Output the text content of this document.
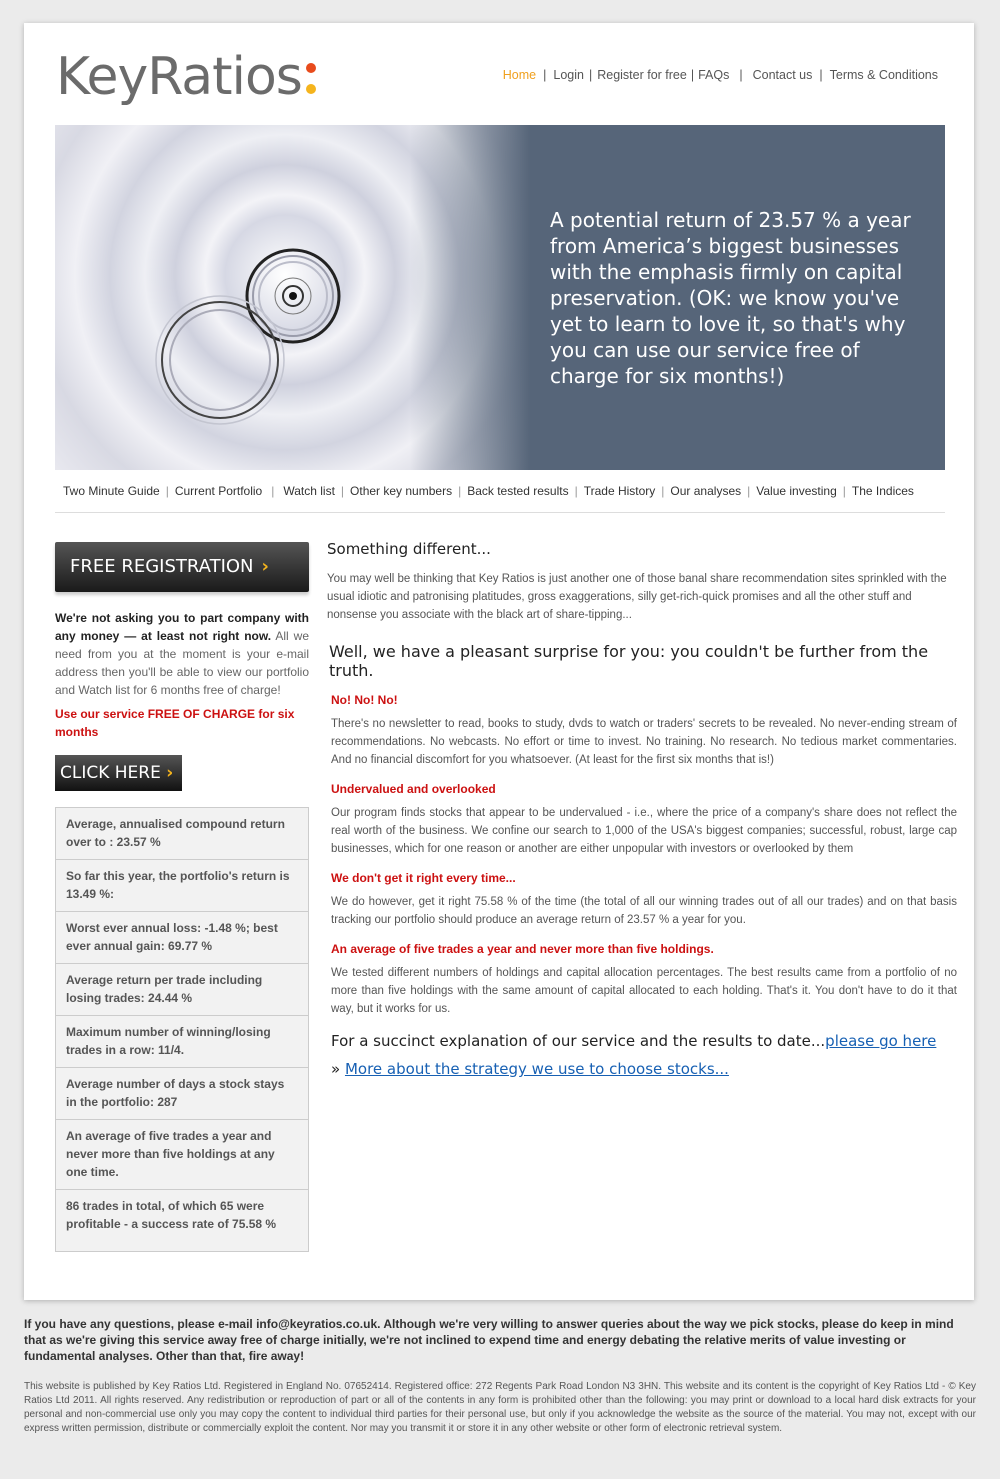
KeyRatios	Home | Login | Register for free | FAQs | Contact us | Terms & Conditions
A potential return of 23.57 % a year from America’s biggest businesses with the emphasis firmly on capital preservation. (OK: we know you've yet to learn to love it, so that's why you can use our service free of charge for six months!)
Two Minute Guide | Current Portfolio | Watch list | Other key numbers | Back tested results | Trade History | Our analyses | Value investing | The Indices
FREE REGISTRATION ›

We're not asking you to part company with any money — at least not right now. All we need from you at the moment is your e-mail address then you'll be able to view our portfolio and Watch list for 6 months free of charge!

Use our service FREE OF CHARGE for six months

CLICK HERE ›
Average, annualised compound return over to : 23.57 %
So far this year, the portfolio's return is 13.49 %:
Worst ever annual loss: -1.48 %; best ever annual gain: 69.77 %
Average return per trade including losing trades: 24.44 %
Maximum number of winning/losing trades in a row: 11/4.
Average number of days a stock stays in the portfolio: 287
An average of five trades a year and never more than five holdings at any one time.
86 trades in total, of which 65 were profitable - a success rate of 75.58 %
Something different...

You may well be thinking that Key Ratios is just another one of those banal share recommendation sites sprinkled with the usual idiotic and patronising platitudes, gross exaggerations, silly get-rich-quick promises and all the other stuff and nonsense you associate with the black art of share-tipping...

Well, we have a pleasant surprise for you: you couldn't be further from the truth.
No! No! No!

There's no newsletter to read, books to study, dvds to watch or traders' secrets to be revealed. No never-ending stream of recommendations. No webcasts. No effort or time to invest. No training. No research. No tedious market commentaries. And no financial discomfort for you whatsoever. (At least for the first six months that is!)

Undervalued and overlooked

Our program finds stocks that appear to be undervalued - i.e., where the price of a company's share does not reflect the real worth of the business. We confine our search to 1,000 of the USA's biggest companies; successful, robust, large cap businesses, which for one reason or another are either unpopular with investors or overlooked by them

We don't get it right every time...

We do however, get it right 75.58 % of the time (the total of all our winning trades out of all our trades) and on that basis tracking our portfolio should produce an average return of 23.57 % a year for you.

An average of five trades a year and never more than five holdings.

We tested different numbers of holdings and capital allocation percentages. The best results came from a portfolio of no more than five holdings with the same amount of capital allocated to each holding. That's it. You don't have to do it that way, but it works for us.

For a succinct explanation of our service and the results to date...please go here

» More about the strategy we use to choose stocks...

If you have any questions, please e-mail info@keyratios.co.uk. Although we're very willing to answer queries about the way we pick stocks, please do keep in mind that as we're giving this service away free of charge initially, we're not inclined to expend time and energy debating the relative merits of value investing or fundamental analyses. Other than that, fire away!

This website is published by Key Ratios Ltd. Registered in England No. 07652414. Registered office: 272 Regents Park Road London N3 3HN. This website and its content is the copyright of Key Ratios Ltd - © Key Ratios Ltd 2011. All rights reserved. Any redistribution or reproduction of part or all of the contents in any form is prohibited other than the following: you may print or download to a local hard disk extracts for your personal and non-commercial use only you may copy the content to individual third parties for their personal use, but only if you acknowledge the website as the source of the material. You may not, except with our express written permission, distribute or commercially exploit the content. Nor may you transmit it or store it in any other website or other form of electronic retrieval system.
